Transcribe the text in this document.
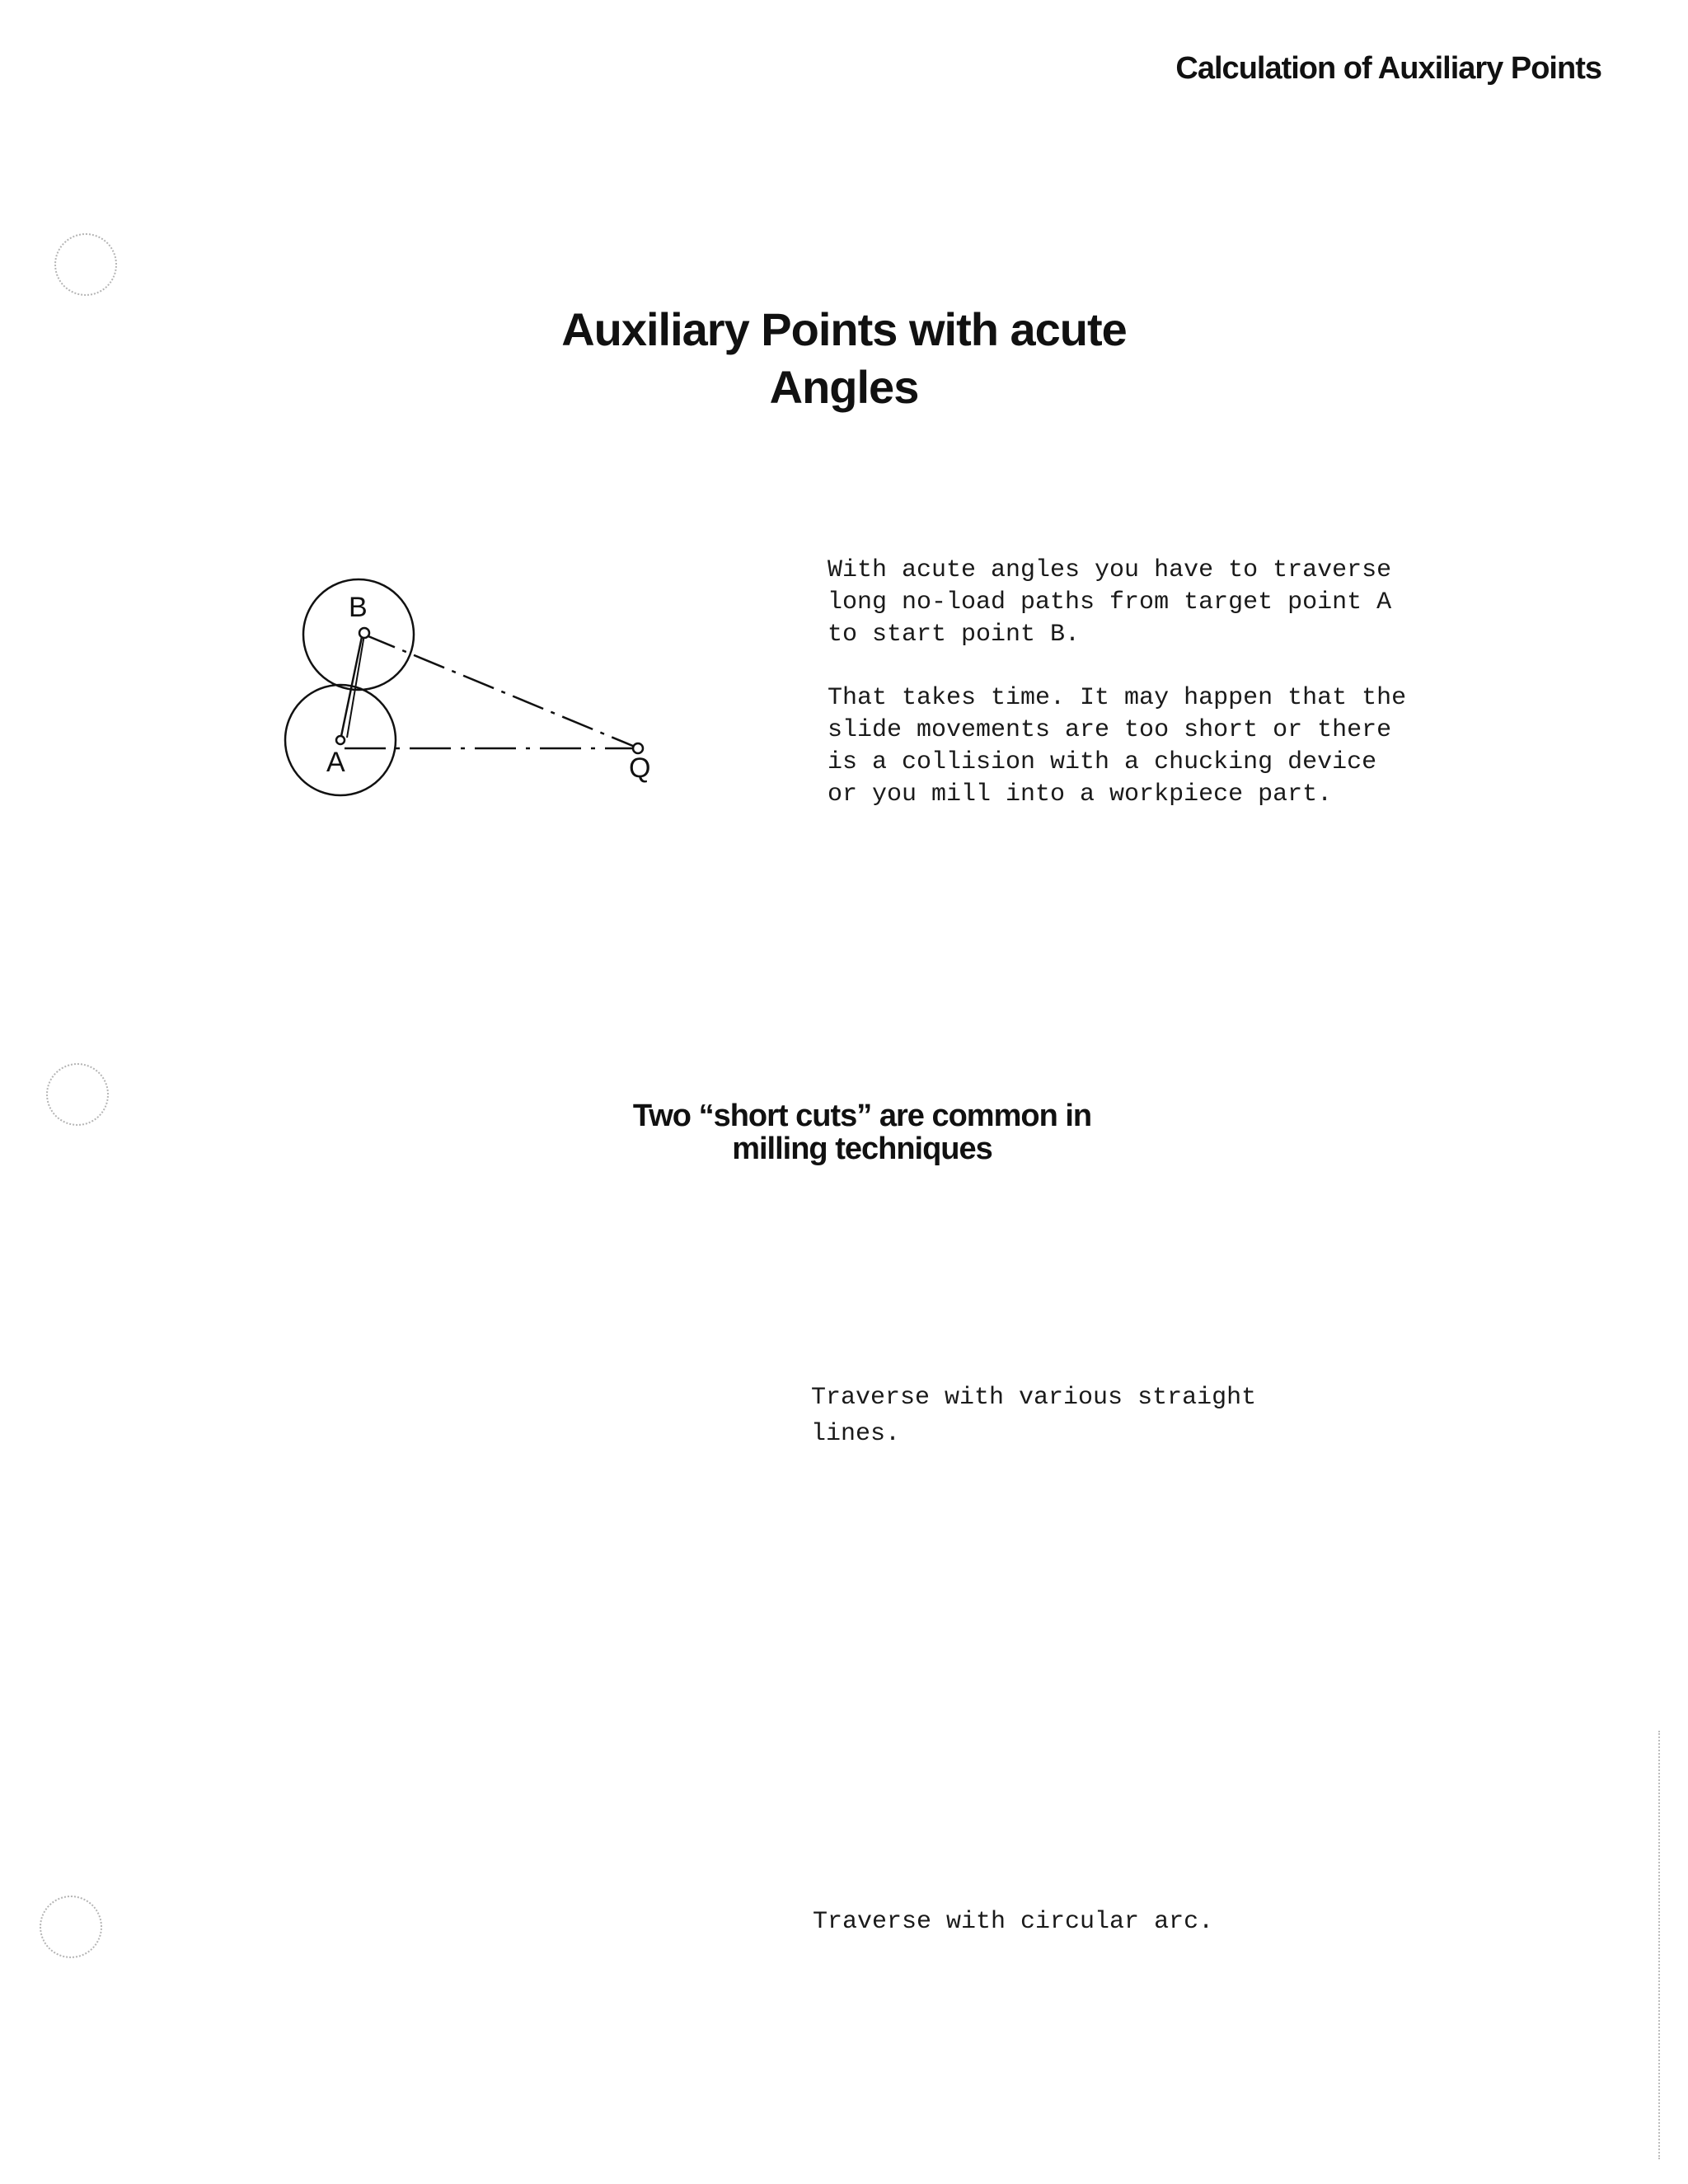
Calculation of Auxiliary Points
Auxiliary Points with acute
Angles
B
A	Q
With acute angles you have to traverse
long no-load paths from target point A
to start point B.
That takes time. It may happen that the
slide movements are too short or there
is a collision with a chucking device
or you mill into a workpiece part.
Two “short cuts” are common in
milling techniques
Traverse with various straight
lines.
Traverse with circular arc.
